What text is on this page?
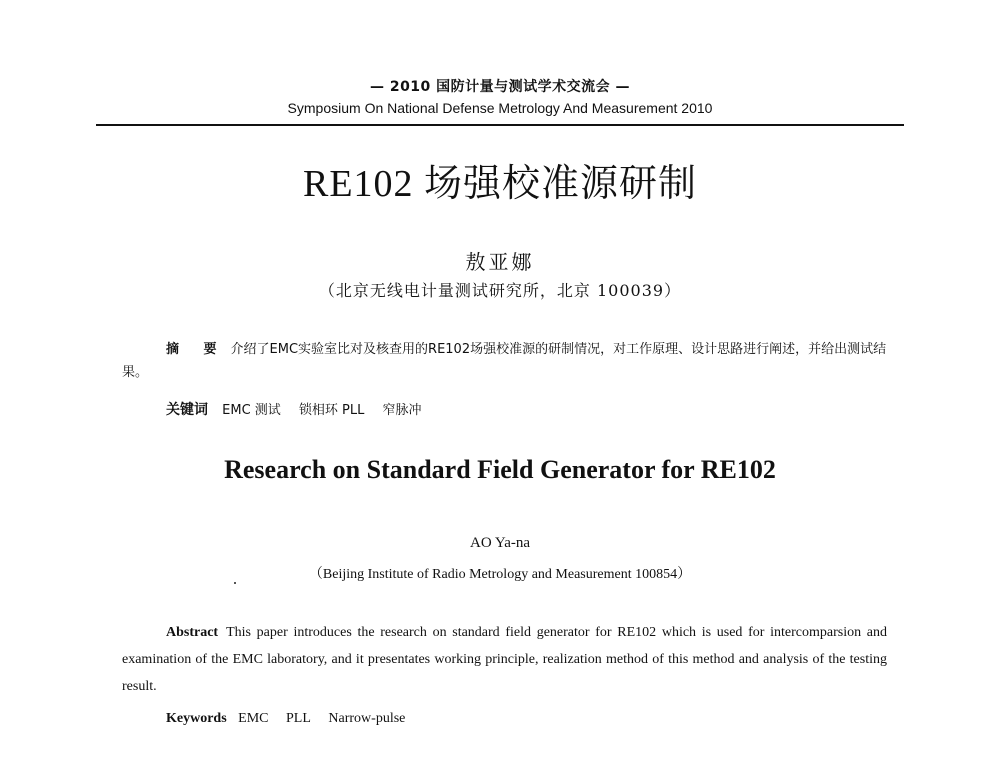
— 2010 国防计量与测试学术交流会 —
Symposium On National Defense Metrology And Measurement 2010
RE102 场强校准源研制
敖亚娜
（北京无线电计量测试研究所，北京 100039）
摘 要 介绍了EMC实验室比对及核查用的RE102场强校准源的研制情况，对工作原理、设计思路进行阐述，并给出测试结果。
关键词 EMC 测试 锁相环 PLL 窄脉冲
Research on Standard Field Generator for RE102
AO Ya-na
（Beijing Institute of Radio Metrology and Measurement 100854）
Abstract This paper introduces the research on standard field generator for RE102 which is used for intercomparsion and examination of the EMC laboratory, and it presentates working principle, realization method of this method and analysis of the testing result.
Keywords EMC PLL Narrow-pulse
